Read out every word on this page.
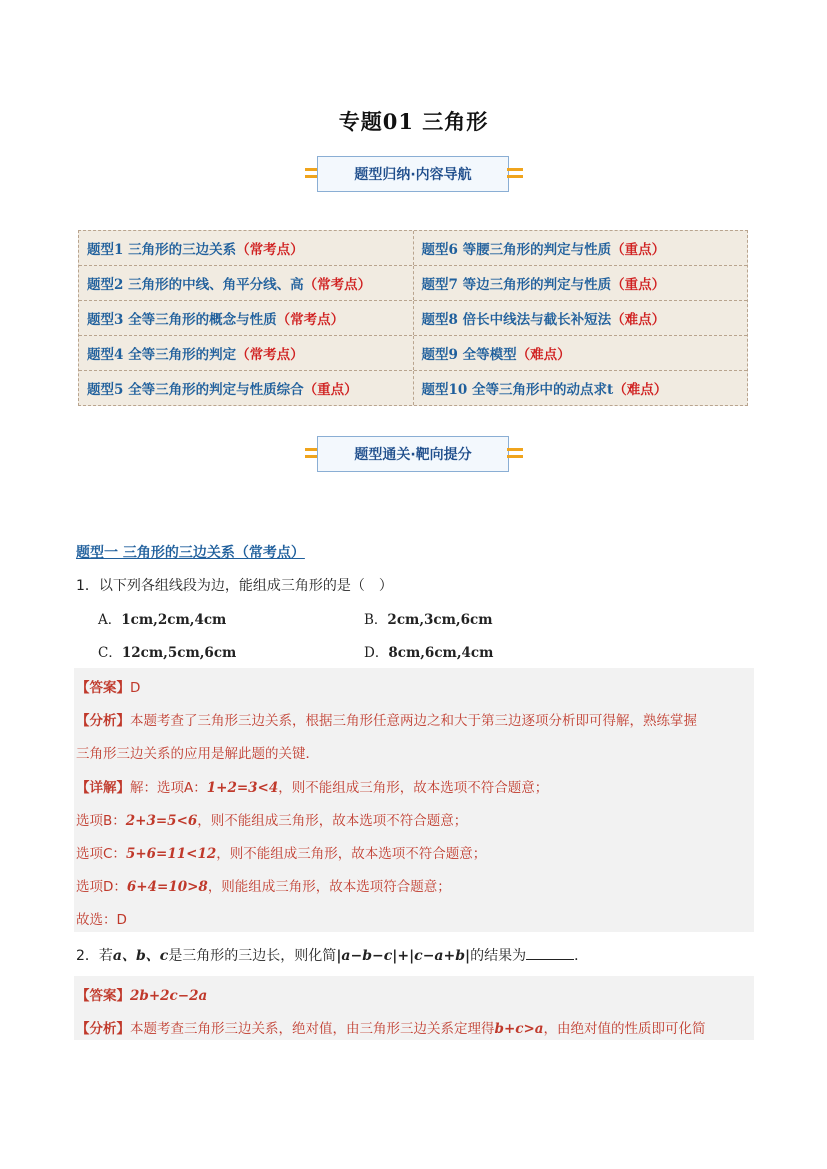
专题01 三角形
题型归纳·内容导航
题型1 三角形的三边关系 （常考点）	题型6 等腰三角形的判定与性质 （重点）
题型2 三角形的中线、角平分线、高 （常考点）	题型7 等边三角形的判定与性质 （重点）
题型3 全等三角形的概念与性质 （常考点）	题型8 倍长中线法与截长补短法 （难点）
题型4 全等三角形的判定 （常考点）	题型9 全等模型 （难点）
题型5 全等三角形的判定与性质综合 （重点）	题型10 全等三角形中的动点求t （难点）
题型通关·靶向提分
题型一 三角形的三边关系（常考点）
1．以下列各组线段为边，能组成三角形的是（　）
A．1cm,2cm,4cm	B．2cm,3cm,6cm
C．12cm,5cm,6cm	D．8cm,6cm,4cm
【答案】D
【分析】本题考查了三角形三边关系，根据三角形任意两边之和大于第三边逐项分析即可得解，熟练掌握
三角形三边关系的应用是解此题的关键．
【详解】解：选项A：1+2=3<4，则不能组成三角形，故本选项不符合题意；
选项B：2+3=5<6，则不能组成三角形，故本选项不符合题意；
选项C：5+6=11<12，则不能组成三角形，故本选项不符合题意；
选项D：6+4=10>8，则能组成三角形，故本选项符合题意；
故选：D
2．若a、b、c是三角形的三边长，则化简|a−b−c|+|c−a+b|的结果为	．
【答案】2b+2c−2a
【分析】本题考查三角形三边关系，绝对值，由三角形三边关系定理得b+c>a，由绝对值的性质即可化简
